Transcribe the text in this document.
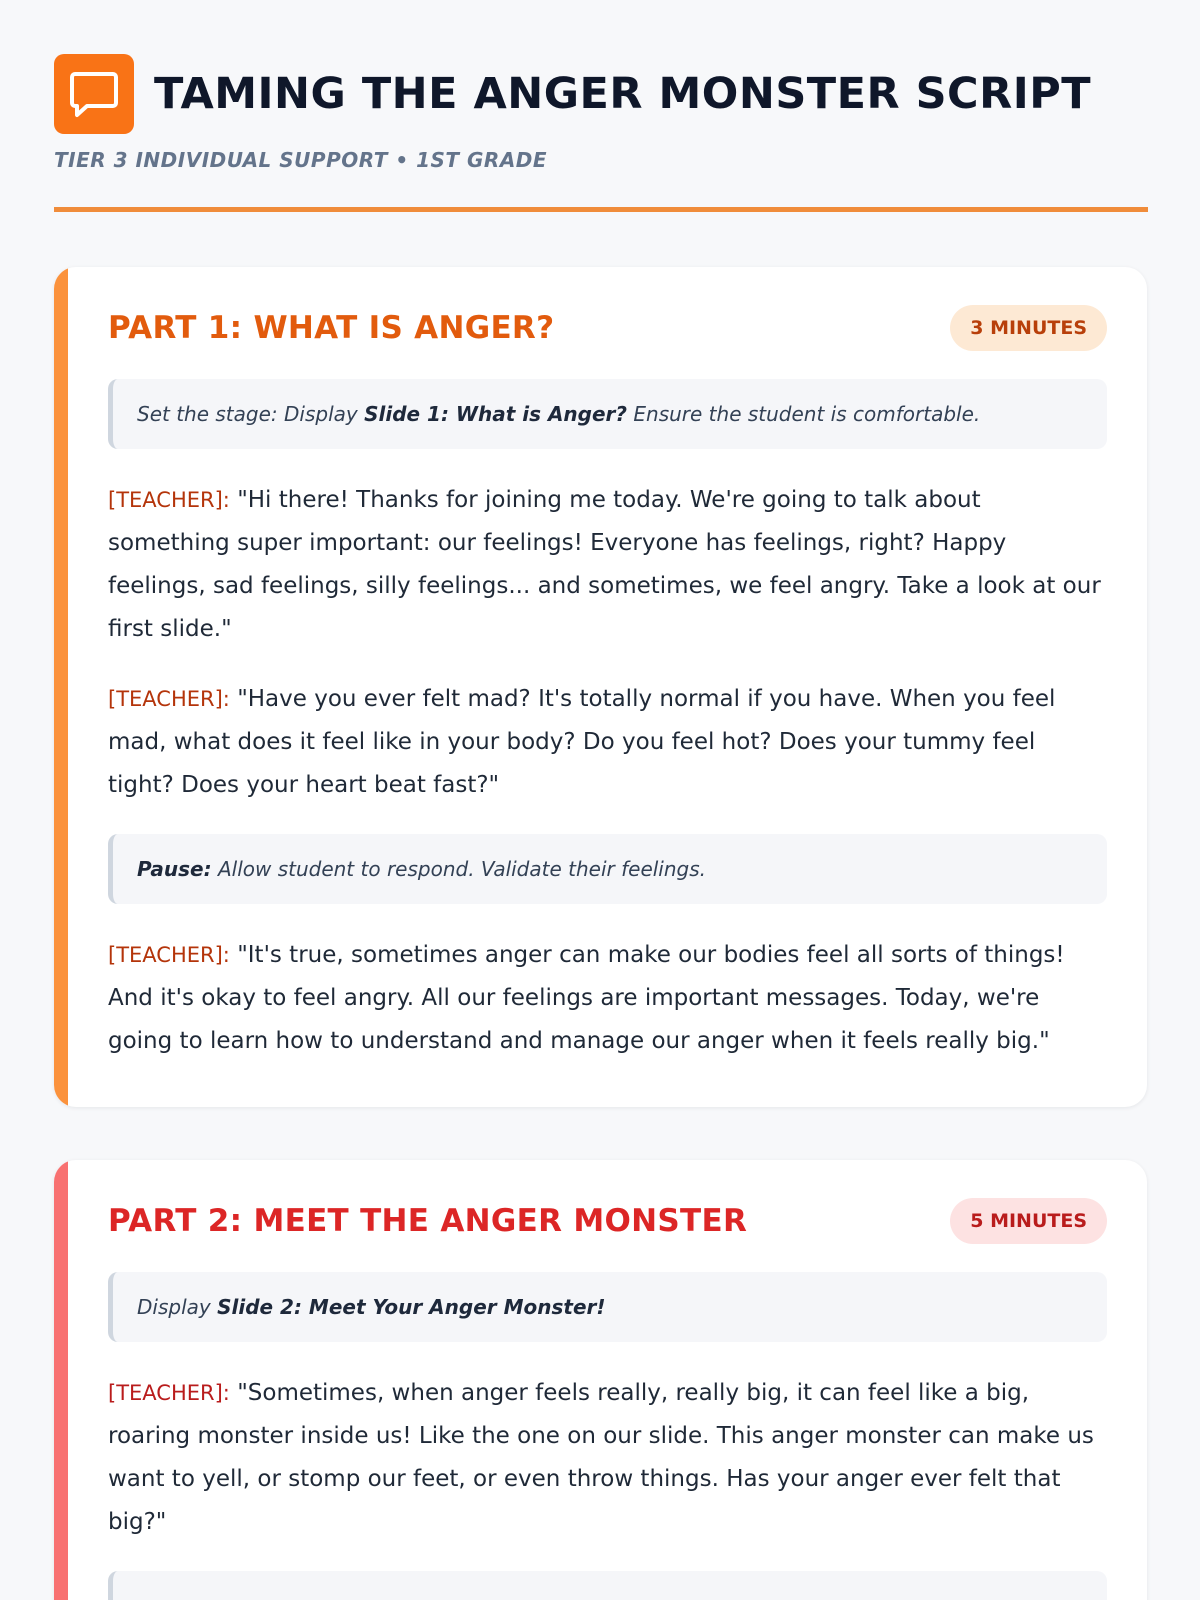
TAMING THE ANGER MONSTER SCRIPT
TIER 3 INDIVIDUAL SUPPORT • 1ST GRADE
PART 1: WHAT IS ANGER?	3 MINUTES
Set the stage: Display Slide 1: What is Anger? Ensure the student is comfortable.

[TEACHER]: "Hi there! Thanks for joining me today. We're going to talk about something super important: our feelings! Everyone has feelings, right? Happy feelings, sad feelings, silly feelings... and sometimes, we feel angry. Take a look at our first slide."

[TEACHER]: "Have you ever felt mad? It's totally normal if you have. When you feel mad, what does it feel like in your body? Do you feel hot? Does your tummy feel tight? Does your heart beat fast?"

Pause: Allow student to respond. Validate their feelings.

[TEACHER]: "It's true, sometimes anger can make our bodies feel all sorts of things! And it's okay to feel angry. All our feelings are important messages. Today, we're going to learn how to understand and manage our anger when it feels really big."

PART 2: MEET THE ANGER MONSTER	5 MINUTES
Display Slide 2: Meet Your Anger Monster!

[TEACHER]: "Sometimes, when anger feels really, really big, it can feel like a big, roaring monster inside us! Like the one on our slide. This anger monster can make us want to yell, or stomp our feet, or even throw things. Has your anger ever felt that big?"
